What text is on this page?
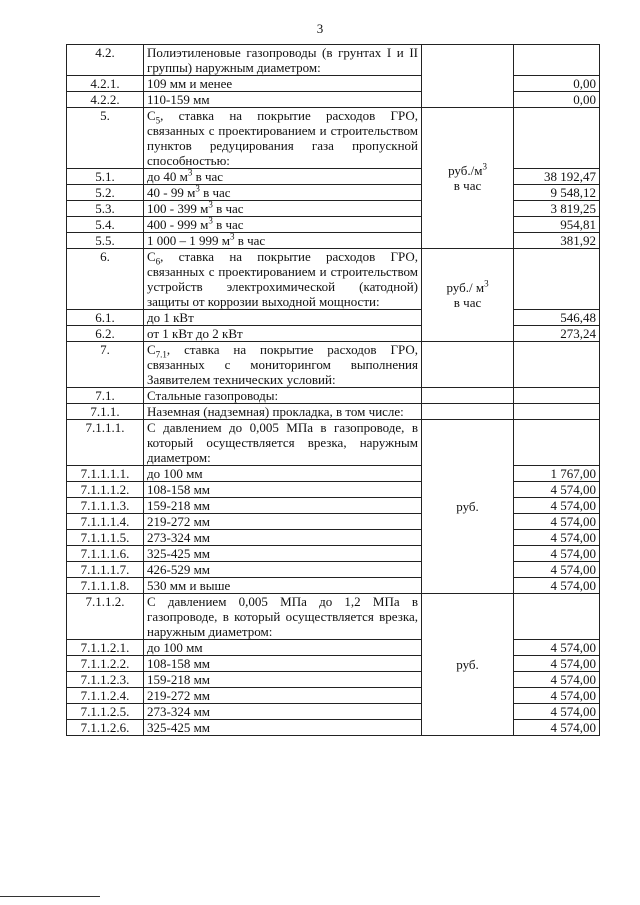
3
4.2.	Полиэтиленовые газопроводы (в грунтах I и II группы) наружным диаметром:		
4.2.1.	109 мм и менее		0,00
4.2.2.	110-159 мм		0,00
5.	$C_5$, ставка на покрытие расходов ГРО, связанных с проектированием и строительством пунктов редуцирования газа пропускной способностью:	$руб./м^3$
в час	
5.1.	до 40 $м^3$ в час		38 192,47
5.2.	40 - 99 $м^3$ в час		9 548,12
5.3.	100 - 399 $м^3$ в час		3 819,25
5.4.	400 - 999 $м^3$ в час		954,81
5.5.	1 000 – 1 999 $м^3$ в час		381,92
6.	$C_6$, ставка на покрытие расходов ГРО, связанных с проектированием и строительством устройств электрохимической (катодной) защиты от коррозии выходной мощности:	руб./ $м^3$
в час	
6.1.	до 1 кВт		546,48
6.2.	от 1 кВт до 2 кВт		273,24
7.	$C_{7.1}$, ставка на покрытие расходов ГРО, связанных с мониторингом выполнения Заявителем технических условий:		
7.1.	Стальные газопроводы:		
7.1.1.	Наземная (надземная) прокладка, в том числе:		
7.1.1.1.	С давлением до 0,005 МПа в газопроводе, в который осуществляется врезка, наружным диаметром:	руб.	
7.1.1.1.1.	до 100 мм		1 767,00
7.1.1.1.2.	108-158 мм		4 574,00
7.1.1.1.3.	159-218 мм		4 574,00
7.1.1.1.4.	219-272 мм		4 574,00
7.1.1.1.5.	273-324 мм		4 574,00
7.1.1.1.6.	325-425 мм		4 574,00
7.1.1.1.7.	426-529 мм		4 574,00
7.1.1.1.8.	530 мм и выше		4 574,00
7.1.1.2.	С давлением 0,005 МПа до 1,2 МПа в газопроводе, в который осуществляется врезка, наружным диаметром:	руб.	
7.1.1.2.1.	до 100 мм		4 574,00
7.1.1.2.2.	108-158 мм		4 574,00
7.1.1.2.3.	159-218 мм		4 574,00
7.1.1.2.4.	219-272 мм		4 574,00
7.1.1.2.5.	273-324 мм		4 574,00
7.1.1.2.6.	325-425 мм		4 574,00
